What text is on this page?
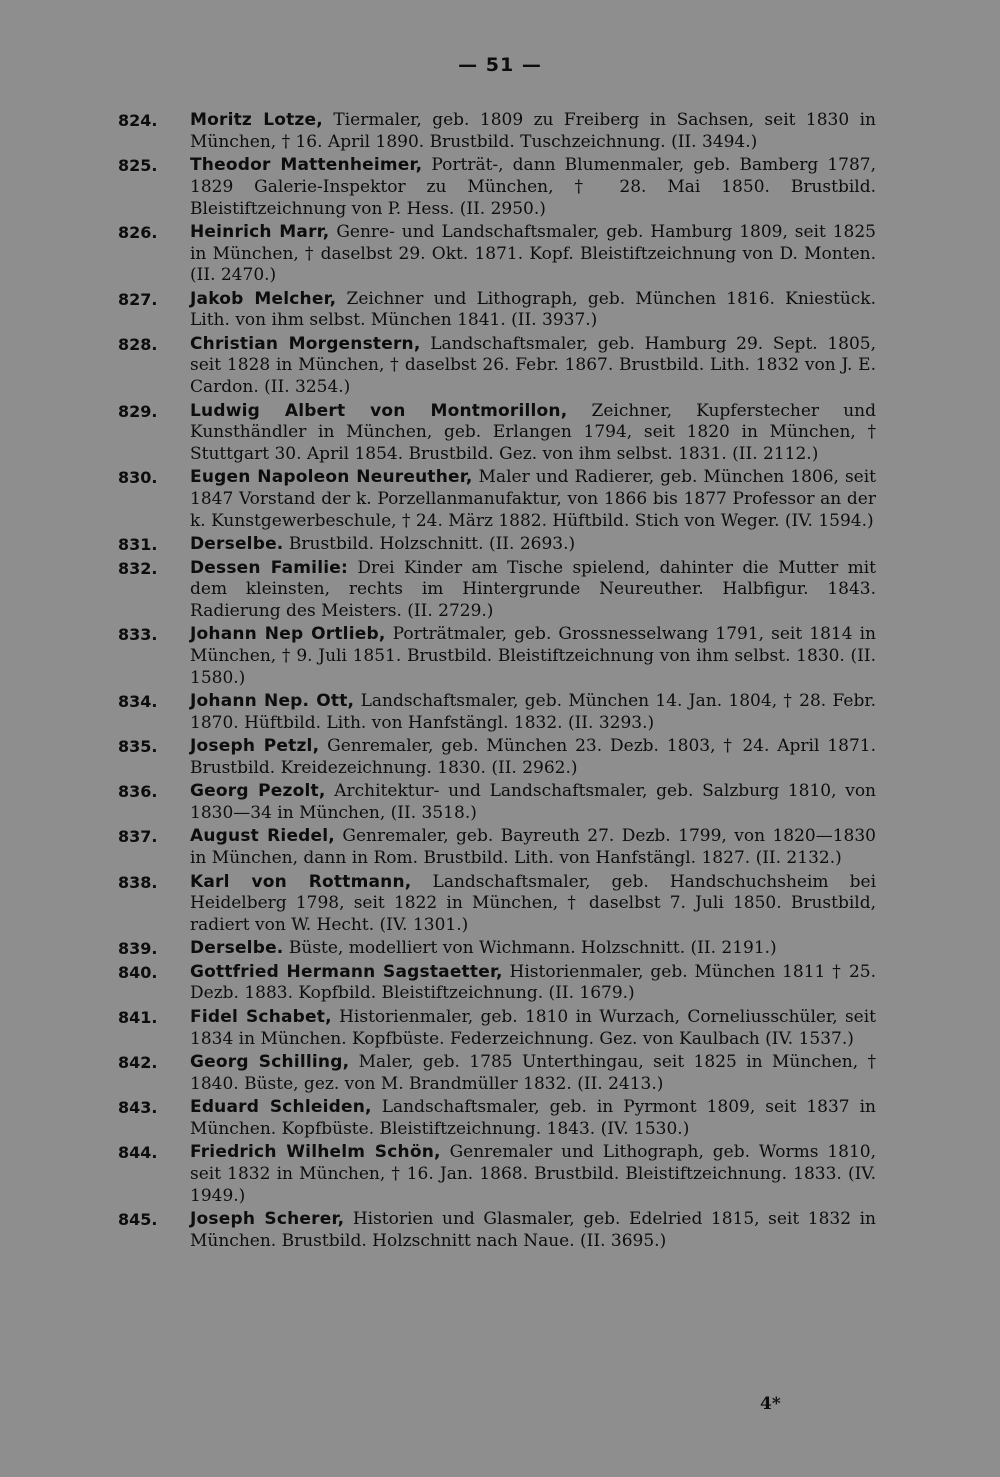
— 51 —
824. Moritz Lotze, Tiermaler, geb. 1809 zu Freiberg in Sachsen, seit 1830 in München, † 16. April 1890. Brustbild. Tuschzeichnung. (II. 3494.)
825. Theodor Mattenheimer, Porträt-, dann Blumenmaler, geb. Bamberg 1787, 1829 Galerie-Inspektor zu München, † 28. Mai 1850. Brustbild. Bleistiftzeichnung von P. Hess. (II. 2950.)
826. Heinrich Marr, Genre- und Landschaftsmaler, geb. Hamburg 1809, seit 1825 in München, † daselbst 29. Okt. 1871. Kopf. Bleistiftzeichnung von D. Monten. (II. 2470.)
827. Jakob Melcher, Zeichner und Lithograph, geb. München 1816. Kniestück. Lith. von ihm selbst. München 1841. (II. 3937.)
828. Christian Morgenstern, Landschaftsmaler, geb. Hamburg 29. Sept. 1805, seit 1828 in München, † daselbst 26. Febr. 1867. Brustbild. Lith. 1832 von J. E. Cardon. (II. 3254.)
829. Ludwig Albert von Montmorillon, Zeichner, Kupferstecher und Kunsthändler in München, geb. Erlangen 1794, seit 1820 in München, † Stuttgart 30. April 1854. Brustbild. Gez. von ihm selbst. 1831. (II. 2112.)
830. Eugen Napoleon Neureuther, Maler und Radierer, geb. München 1806, seit 1847 Vorstand der k. Porzellanmanufaktur, von 1866 bis 1877 Professor an der k. Kunstgewerbeschule, † 24. März 1882. Hüftbild. Stich von Weger. (IV. 1594.)
831. Derselbe. Brustbild. Holzschnitt. (II. 2693.)
832. Dessen Familie: Drei Kinder am Tische spielend, dahinter die Mutter mit dem kleinsten, rechts im Hintergrunde Neureuther. Halbfigur. 1843. Radierung des Meisters. (II. 2729.)
833. Johann Nep Ortlieb, Porträtmaler, geb. Grossnesselwang 1791, seit 1814 in München, † 9. Juli 1851. Brustbild. Bleistiftzeichnung von ihm selbst. 1830. (II. 1580.)
834. Johann Nep. Ott, Landschaftsmaler, geb. München 14. Jan. 1804, † 28. Febr. 1870. Hüftbild. Lith. von Hanfstängl. 1832. (II. 3293.)
835. Joseph Petzl, Genremaler, geb. München 23. Dezb. 1803, † 24. April 1871. Brustbild. Kreidezeichnung. 1830. (II. 2962.)
836. Georg Pezolt, Architektur- und Landschaftsmaler, geb. Salzburg 1810, von 1830—34 in München, (II. 3518.)
837. August Riedel, Genremaler, geb. Bayreuth 27. Dezb. 1799, von 1820—1830 in München, dann in Rom. Brustbild. Lith. von Hanfstängl. 1827. (II. 2132.)
838. Karl von Rottmann, Landschaftsmaler, geb. Handschuchsheim bei Heidelberg 1798, seit 1822 in München, † daselbst 7. Juli 1850. Brustbild, radiert von W. Hecht. (IV. 1301.)
839. Derselbe. Büste, modelliert von Wichmann. Holzschnitt. (II. 2191.)
840. Gottfried Hermann Sagstaetter, Historienmaler, geb. München 1811 † 25. Dezb. 1883. Kopfbild. Bleistiftzeichnung. (II. 1679.)
841. Fidel Schabet, Historienmaler, geb. 1810 in Wurzach, Corneliusschüler, seit 1834 in München. Kopfbüste. Federzeichnung. Gez. von Kaulbach (IV. 1537.)
842. Georg Schilling, Maler, geb. 1785 Unterthingau, seit 1825 in München, † 1840. Büste, gez. von M. Brandmüller 1832. (II. 2413.)
843. Eduard Schleiden, Landschaftsmaler, geb. in Pyrmont 1809, seit 1837 in München. Kopfbüste. Bleistiftzeichnung. 1843. (IV. 1530.)
844. Friedrich Wilhelm Schön, Genremaler und Lithograph, geb. Worms 1810, seit 1832 in München, † 16. Jan. 1868. Brustbild. Bleistiftzeichnung. 1833. (IV. 1949.)
845. Joseph Scherer, Historien und Glasmaler, geb. Edelried 1815, seit 1832 in München. Brustbild. Holzschnitt nach Naue. (II. 3695.)
4*
